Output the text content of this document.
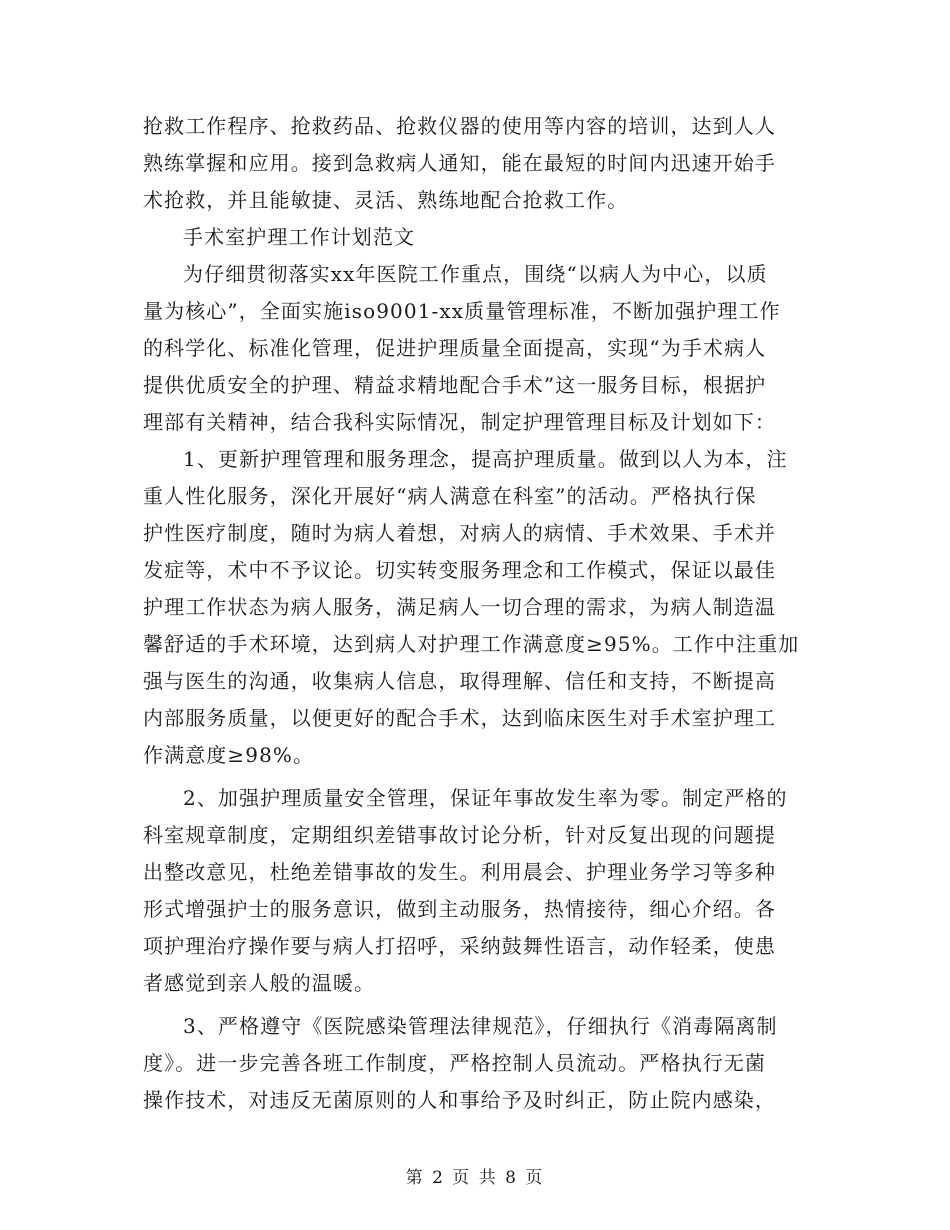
抢救工作程序、抢救药品、抢救仪器的使用等内容的培训，达到人人
熟练掌握和应用。接到急救病人通知，能在最短的时间内迅速开始手
术抢救，并且能敏捷、灵活、熟练地配合抢救工作。
手术室护理工作计划范文
为仔细贯彻落实xx年医院工作重点，围绕“以病人为中心，以质
量为核心”，全面实施iso9001-xx质量管理标准，不断加强护理工作
的科学化、标准化管理，促进护理质量全面提高，实现“为手术病人
提供优质安全的护理、精益求精地配合手术”这一服务目标，根据护
理部有关精神，结合我科实际情况，制定护理管理目标及计划如下：
1、更新护理管理和服务理念，提高护理质量。做到以人为本，注
重人性化服务，深化开展好“病人满意在科室”的活动。严格执行保
护性医疗制度，随时为病人着想，对病人的病情、手术效果、手术并
发症等，术中不予议论。切实转变服务理念和工作模式，保证以最佳
护理工作状态为病人服务，满足病人一切合理的需求，为病人制造温
馨舒适的手术环境，达到病人对护理工作满意度≥95%。工作中注重加
强与医生的沟通，收集病人信息，取得理解、信任和支持，不断提高
内部服务质量，以便更好的配合手术，达到临床医生对手术室护理工
作满意度≥98%。
2、加强护理质量安全管理，保证年事故发生率为零。制定严格的
科室规章制度，定期组织差错事故讨论分析，针对反复出现的问题提
出整改意见，杜绝差错事故的发生。利用晨会、护理业务学习等多种
形式增强护士的服务意识，做到主动服务，热情接待，细心介绍。各
项护理治疗操作要与病人打招呼，采纳鼓舞性语言，动作轻柔，使患
者感觉到亲人般的温暖。
3、严格遵守《医院感染管理法律规范》，仔细执行《消毒隔离制
度》。进一步完善各班工作制度，严格控制人员流动。严格执行无菌
操作技术，对违反无菌原则的人和事给予及时纠正，防止院内感染，
第 2 页 共 8 页
